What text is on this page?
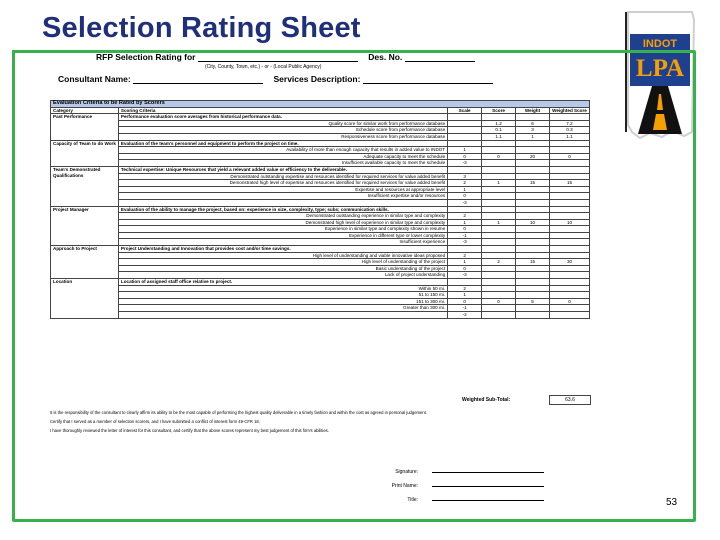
Selection Rating Sheet	INDOT
LPA
RFP Selection Rating for	Des. No.
(City, County, Town, etc.) - or - (Local Public Agency)
Consultant Name:	Services Description:
Evaluation Criteria to be Rated by Scorers					
Category	Scoring Criteria	Scale	Score	Weight	Weighted Score
Past Performance	Performance evaluation score averages from historical performance data.				
	Quality score for similar work from performance database		1.2	6	7.2
	Schedule score from performance database		0.1	3	0.3
	Responsiveness score from performance database		1.1	1	1.1
Capacity of Team to do Work	Evaluation of the team's personnel and equipment to perform the project on time.				
	Availability of more than enough capacity that results in added value to INDOT	1			
	Adequate capacity to meet the schedule	0	0	20	0
	Insufficient available capacity to meet the schedule	-3			
Team's Demonstrated Qualifications	Technical expertise: Unique Resources that yield a relevant added value or efficiency to the deliverable.				
	Demonstrated outstanding expertise and resources identified for required services for value added benefit	3			
	Demonstrated high level of expertise and resources identified for required services for value added benefit	2	1	15	15
	Expertise and resources at appropriate level	1			
	Insufficient expertise and/or resources	0			
		-3			
Project Manager	Evaluation of the ability to manage the project, based on: experience in size, complexity, type; subs; communication skills.				
	Demonstrated outstanding experience in similar type and complexity	2			
	Demonstrated high level of experience in similar type and complexity	1	1	10	10
	Experience in similar type and complexity shown in resume	0			
	Experience in different type or lower complexity	-1			
	Insufficient experience	-3			
Approach to Project	Project Understanding and Innovation that provides cost and/or time savings.				
	High level of understanding and viable innovative ideas proposed	2			
	High level of understanding of the project	1	2	15	30
	Basic understanding of the project	0			
	Lack of project understanding	-3			
Location	Location of assigned staff office relative to project.				
	Within 50 mi.	2			
	51 to 150 mi.	1			
	151 to 300 mi.	0	0	5	0
	Greater than 300 mi.	-1			
		-2			
Weighted Sub-Total:	63.6

It is the responsibility of the consultant to clearly affirm its ability to be the most capable of performing the highest quality deliverable in a timely fashion and within the cost as agreed in personal judgement.

Certify that I served as a member of selection scorers, and I have submitted a conflict of interest form 49-CFR 18.

I have thoroughly reviewed the letter of interest for this consultant, and certify that the above scores represent my best judgement of this firm's abilities.

Signature:
Print Name:
Title:	53
